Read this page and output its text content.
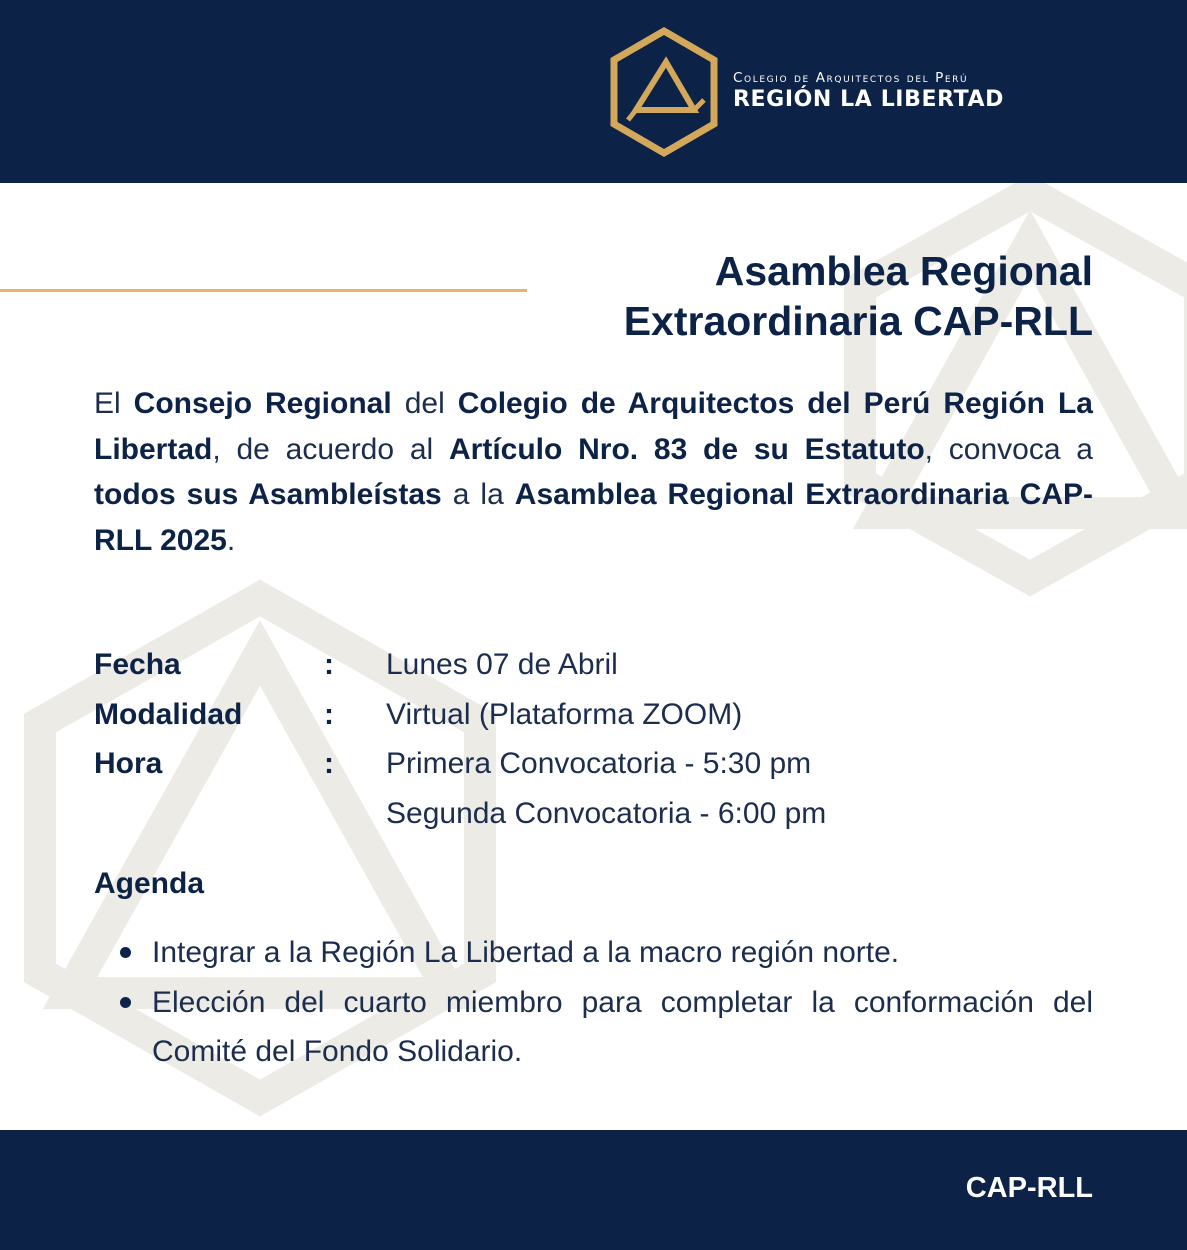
Colegio de Arquitectos del Perú
REGIÓN LA LIBERTAD
Asamblea Regional
Extraordinaria CAP-RLL

El Consejo Regional del Colegio de Arquitectos del Perú Región La Libertad, de acuerdo al Artículo Nro. 83 de su Estatuto, convoca a todos sus Asambleístas a la Asamblea Regional Extraordinaria CAP-RLL 2025.

Fecha	: Lunes 07 de Abril
Modalidad	: Virtual (Plataforma ZOOM)
Hora	: Primera Convocatoria - 5:30 pm
Segunda Convocatoria - 6:00 pm
Agenda
Integrar a la Región La Libertad a la macro región norte.
Elección del cuarto miembro para completar la conformación del Comité del Fondo Solidario.
CAP-RLL
